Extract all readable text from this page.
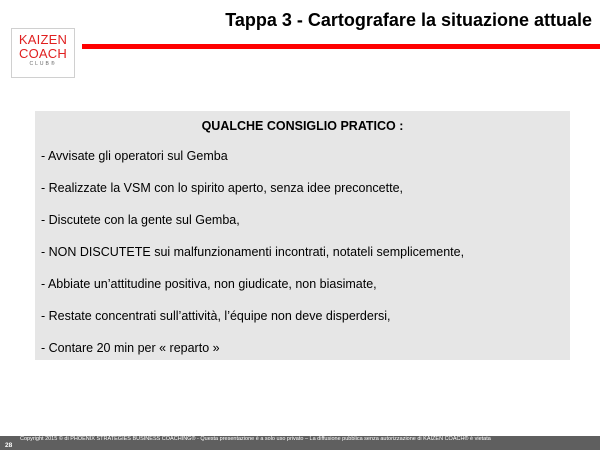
KAIZEN
COACH
CLUB®
Tappa 3 - Cartografare la situazione attuale
QUALCHE CONSIGLIO PRATICO :
- Avvisate gli operatori sul Gemba
- Realizzate la VSM con lo spirito aperto, senza idee preconcette,
- Discutete con la gente sul Gemba,
- NON DISCUTETE sui malfunzionamenti incontrati, notateli semplicemente,
- Abbiate un’attitudine positiva, non giudicate, non biasimate,
- Restate concentrati sull’attività, l’équipe non deve disperdersi,
- Contare 20 min per « reparto »
28
Copyright 2015 © di PHOENIX STRATEGIES BUSINESS COACHING® - Questa presentazione è a solo uso privato – La diffusione pubblica senza autorizzazione di KAIZEN COACH® è vietata
